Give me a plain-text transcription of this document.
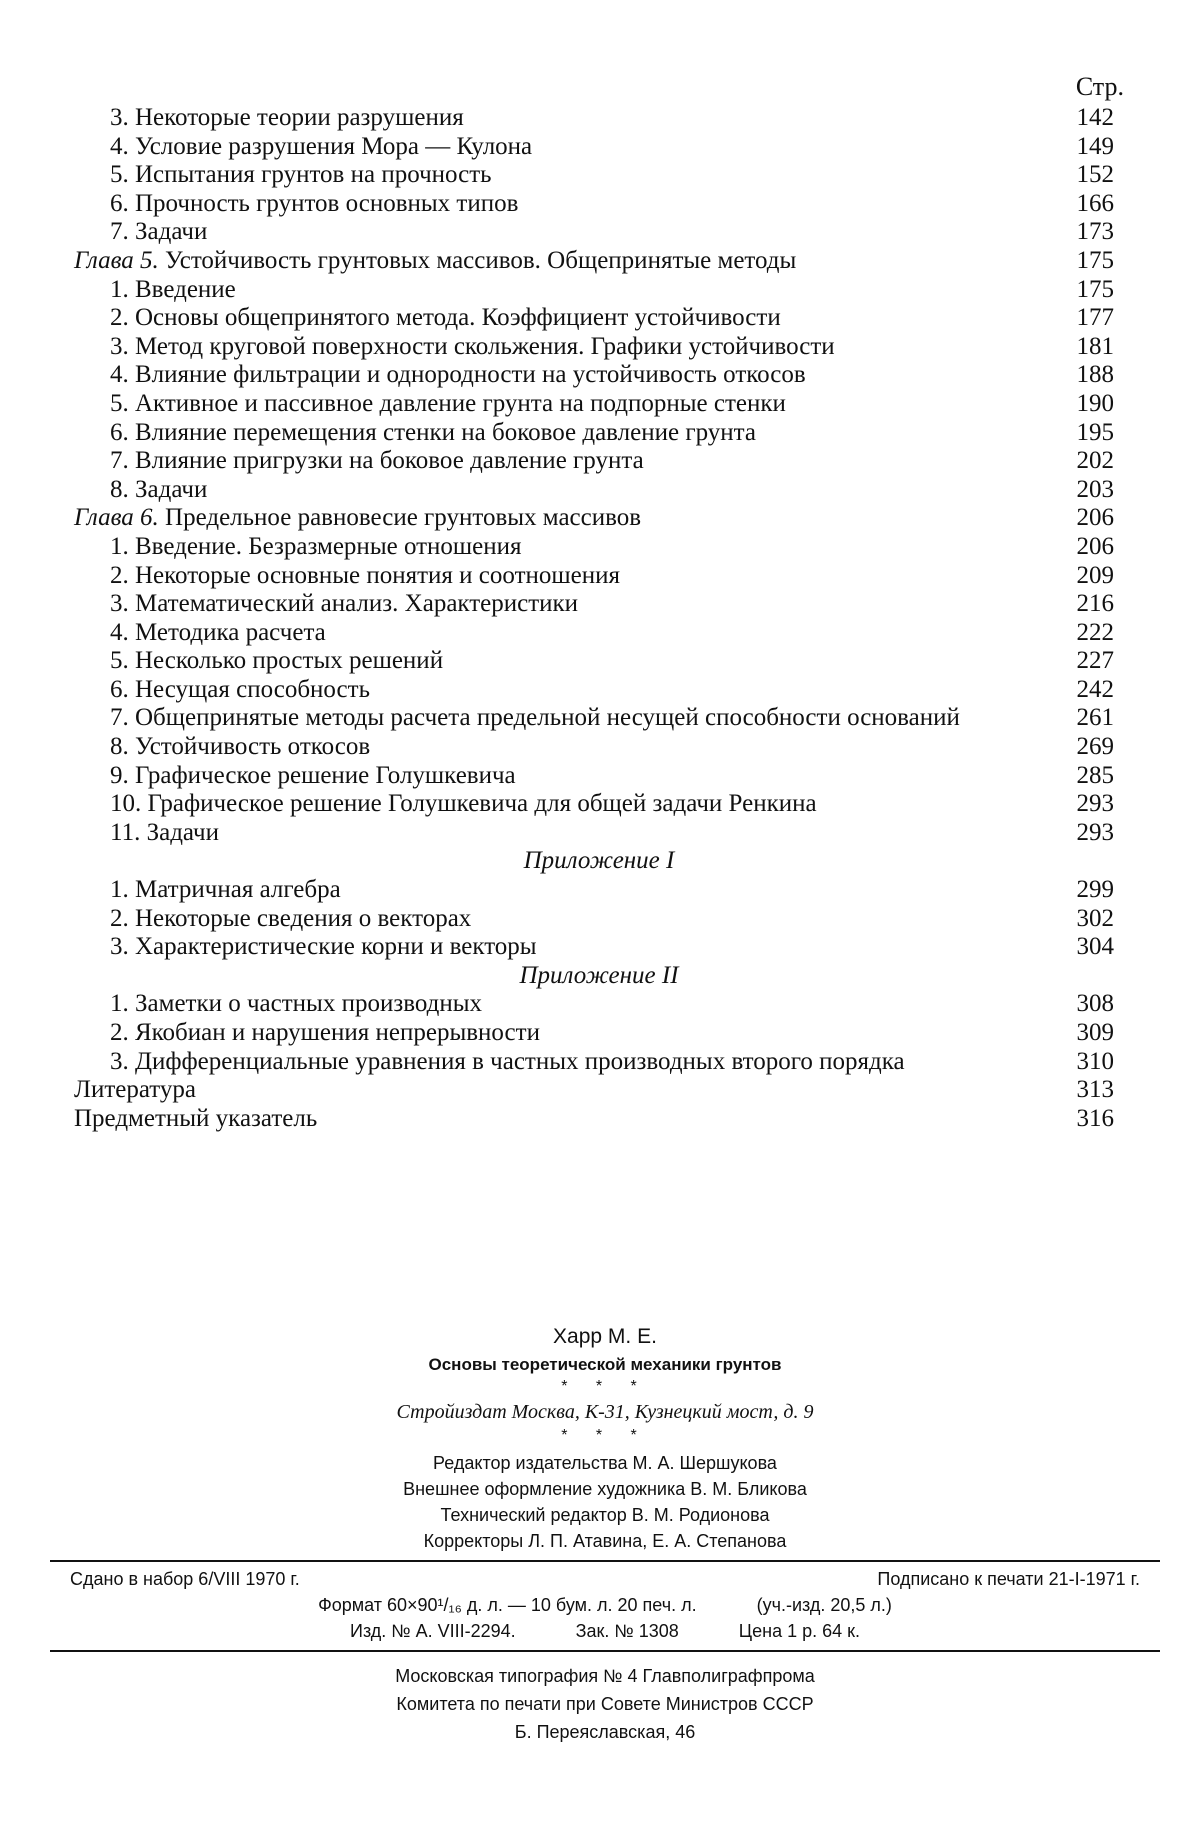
Стр.
3. Некоторые теории разрушения	142
4. Условие разрушения Мора — Кулона	149
5. Испытания грунтов на прочность	152
6. Прочность грунтов основных типов	166
7. Задачи	173
Глава 5. Устойчивость грунтовых массивов. Общепринятые методы	175
1. Введение	175
2. Основы общепринятого метода. Коэффициент устойчивости	177
3. Метод круговой поверхности скольжения. Графики устойчивости	181
4. Влияние фильтрации и однородности на устойчивость откосов	188
5. Активное и пассивное давление грунта на подпорные стенки	190
6. Влияние перемещения стенки на боковое давление грунта	195
7. Влияние пригрузки на боковое давление грунта	202
8. Задачи	203
Глава 6. Предельное равновесие грунтовых массивов	206
1. Введение. Безразмерные отношения	206
2. Некоторые основные понятия и соотношения	209
3. Математический анализ. Характеристики	216
4. Методика расчета	222
5. Несколько простых решений	227
6. Несущая способность	242
7. Общепринятые методы расчета предельной несущей способности оснований	261
8. Устойчивость откосов	269
9. Графическое решение Голушкевича	285
10. Графическое решение Голушкевича для общей задачи Ренкина	293
11. Задачи	293
Приложение I
1. Матричная алгебра	299
2. Некоторые сведения о векторах	302
3. Характеристические корни и векторы	304
Приложение II
1. Заметки о частных производных	308
2. Якобиан и нарушения непрерывности	309
3. Дифференциальные уравнения в частных производных второго порядка	310
Литература	313
Предметный указатель	316
Харр М. Е.
Основы теоретической механики грунтов
* * *
Стройиздат Москва, К-31, Кузнецкий мост, д. 9
* * *
Редактор издательства М. А. Шершукова
Внешнее оформление художника В. М. Бликова
Технический редактор В. М. Родионова
Корректоры Л. П. Атавина, Е. А. Степанова
Сдано в набор 6/VIII 1970 г.	Подписано к печати 21-I-1971 г.
Формат 60×90¹/₁₆ д. л. — 10 бум. л. 20 печ. л.	(уч.-изд. 20,5 л.)
Изд. № А. VIII-2294.	Зак. № 1308	Цена 1 р. 64 к.
Московская типография № 4 Главполиграфпрома
Комитета по печати при Совете Министров СССР
Б. Переяславская, 46
